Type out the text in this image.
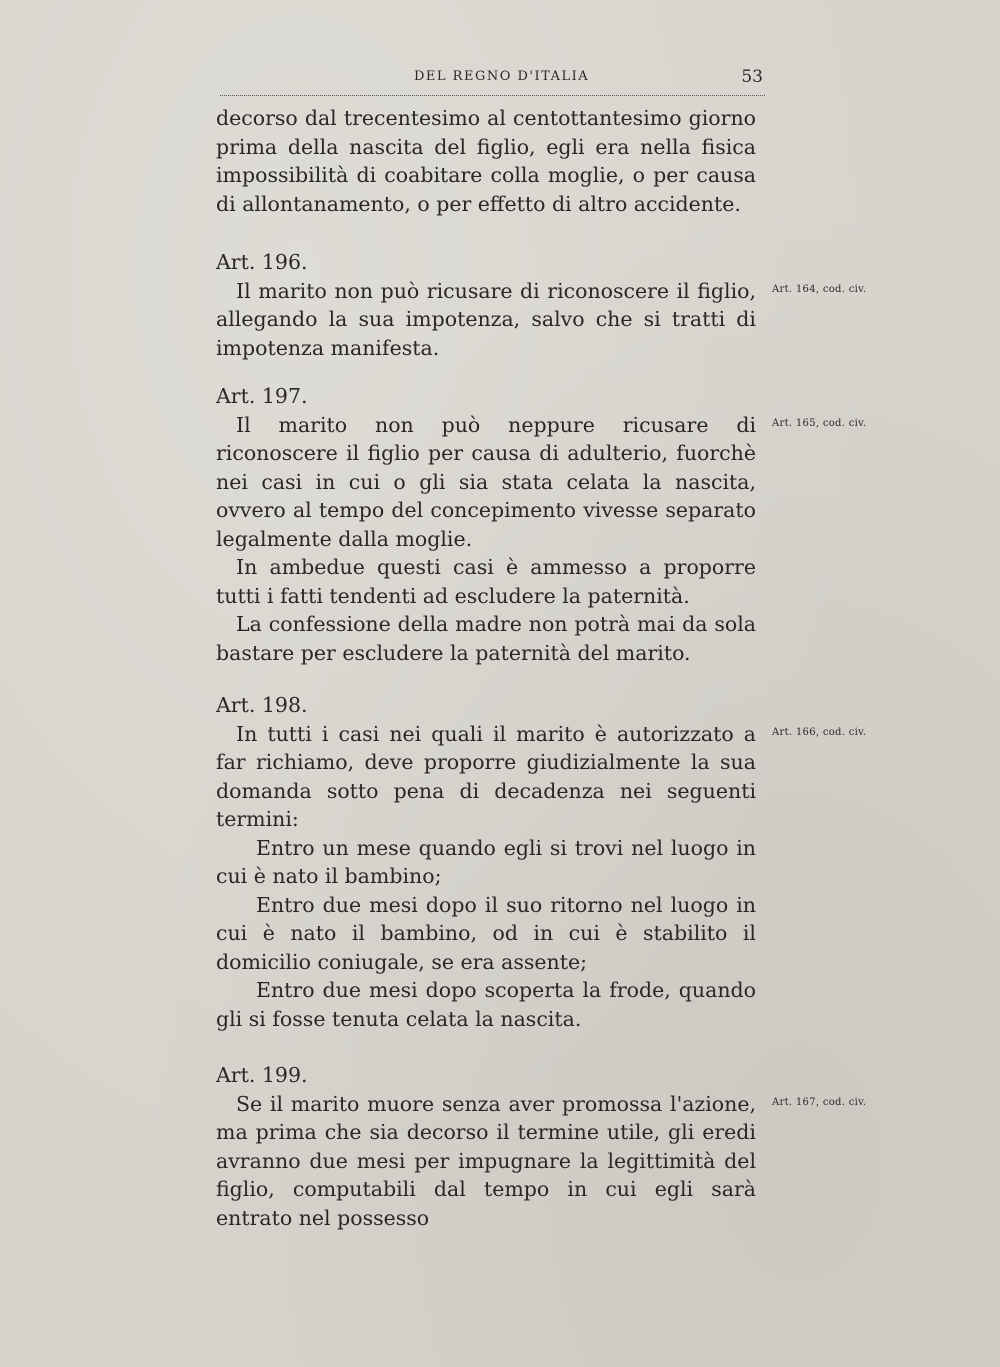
DEL REGNO D'ITALIA	53

decorso dal trecentesimo al centottantesimo giorno prima della nascita del figlio, egli era nella fisica impossibilità di coabitare colla moglie, o per causa di allontanamento, o per effetto di altro accidente.

Art. 196.

Art. 164, cod. civ.

Il marito non può ricusare di riconoscere il figlio, allegando la sua impotenza, salvo che si tratti di impotenza manifesta.

Art. 197.

Art. 165, cod. civ.

Il marito non può neppure ricusare di riconoscere il figlio per causa di adulterio, fuorchè nei casi in cui o gli sia stata celata la nascita, ovvero al tempo del concepimento vivesse separato legalmente dalla moglie.

In ambedue questi casi è ammesso a proporre tutti i fatti tendenti ad escludere la paternità.

La confessione della madre non potrà mai da sola bastare per escludere la paternità del marito.

Art. 198.

Art. 166, cod. civ.

In tutti i casi nei quali il marito è autorizzato a far richiamo, deve proporre giudizialmente la sua domanda sotto pena di decadenza nei seguenti termini:

Entro un mese quando egli si trovi nel luogo in cui è nato il bambino;

Entro due mesi dopo il suo ritorno nel luogo in cui è nato il bambino, od in cui è stabilito il domicilio coniugale, se era assente;

Entro due mesi dopo scoperta la frode, quando gli si fosse tenuta celata la nascita.

Art. 199.

Art. 167, cod. civ.

Se il marito muore senza aver promossa l'azione, ma prima che sia decorso il termine utile, gli eredi avranno due mesi per impugnare la legittimità del figlio, computabili dal tempo in cui egli sarà entrato nel possesso
